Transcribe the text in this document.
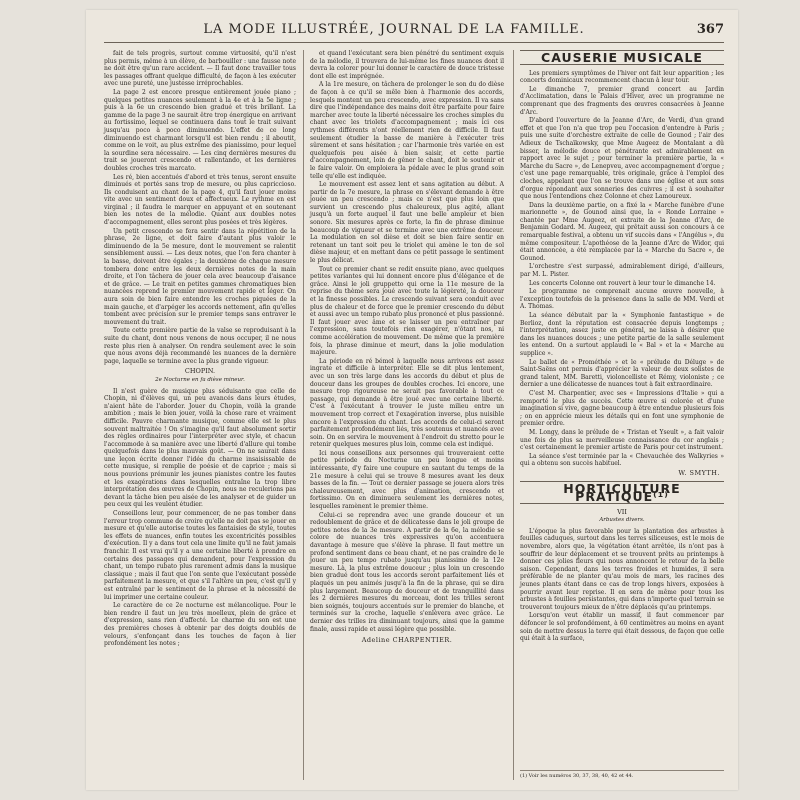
LA MODE ILLUSTRÉE, JOURNAL DE LA FAMILLE.	367

fait de tels progrès, surtout comme virtuosité, qu'il n'est plus permis, même à un élève, de barbouiller : une fausse note ne doit être qu'un rare accident. — Il faut donc travailler tous les passages offrant quelque difficulté, de façon à les exécuter avec une pureté, une justesse irréprochables.

La page 2 est encore presque entièrement jouée piano ; quelques petites nuances seulement à la 4e et à la 5e ligne ; puis à la 6e un crescendo bien gradué et très brillant. La gamme de la page 3 ne saurait être trop énergique en arrivant au fortissimo, lequel se continuera dans tout le trait suivant jusqu'au poco à poco diminuendo. L'effet de ce long diminuendo est charmant lorsqu'il est bien rendu ; il aboutit, comme on le voit, au plus extrême des pianissimo, pour lequel la sourdine sera nécessaire. — Les cinq dernières mesures du trait se joueront crescendo et rallentando, et les dernières doubles croches très marcato.

Les ré, bien accentués d'abord et très tenus, seront ensuite diminués et portés sans trop de mesure, ou plus capriccioso. Ils conduisent au chant de la page 4, qu'il faut jouer moins vite avec un sentiment doux et affectueux. Le rythme en est virginal ; il faudra le marquer en appuyant et en soutenant bien les notes de la mélodie. Quant aux doubles notes d'accompagnement, elles seront plus posées et très légères.

Un petit crescendo se fera sentir dans la répétition de la phrase, 2e ligne, et doit faire d'autant plus valoir le diminuendo de la 5e mesure, dont le mouvement se ralentit sensiblement aussi. — Les deux notes, que l'on fera chanter à la basse, doivent être égales ; la deuxième de chaque mesure tombera donc entre les deux dernières notes de la main droite, et l'on tâchera de jouer cela avec beaucoup d'aisance et de grâce. — Le trait en petites gammes chromatiques bien nuancées reprend le premier mouvement rapide et léger. On aura soin de bien faire entendre les croches piquées de la main gauche, et d'arpéger les accords nettement, afin qu'elles tombent avec précision sur le premier temps sans entraver le mouvement du trait.

Toute cette première partie de la valse se reproduisant à la suite du chant, dont nous venons de nous occuper, il ne nous reste plus rien à analyser. On rendra seulement avec le soin que nous avons déjà recommandé les nuances de la dernière page, laquelle se termine avec la plus grande vigueur.

CHOPIN.
2e Nocturne en fa dièse mineur.

Il n'est guère de musique plus séduisante que celle de Chopin, ni d'élèves qui, un peu avancés dans leurs études, n'aient hâte de l'aborder. Jouer du Chopin, voilà la grande ambition ; mais le bien jouer, voilà la chose rare et vraiment difficile. Pauvre charmante musique, comme elle est le plus souvent maltraitée ! On s'imagine qu'il faut absolument sortir des règles ordinaires pour l'interpréter avec style, et chacun l'accommode à sa manière avec une liberté d'allure qui tombe quelquefois dans le plus mauvais goût. — On ne saurait dans une leçon écrite donner l'idée du charme insaisissable de cette musique, si remplie de poésie et de caprice ; mais si nous pouvions prémunir les jeunes pianistes contre les fautes et les exagérations dans lesquelles entraîne la trop libre interprétation des œuvres de Chopin, nous ne reculerions pas devant la tâche bien peu aisée de les analyser et de guider un peu ceux qui les veulent étudier.

Conseillons leur, pour commencer, de ne pas tomber dans l'erreur trop commune de croire qu'elle ne doit pas se jouer en mesure et qu'elle autorise toutes les fantaisies de style, toutes les effets de nuances, enfin toutes les excentricités possibles d'exécution. Il y a dans tout cela une limite qu'il ne faut jamais franchir. Il est vrai qu'il y a une certaine liberté à prendre en certains des passages qui demandent, pour l'expression du chant, un tempo rubato plus rarement admis dans la musique classique ; mais il faut que l'on sente que l'exécutant possède parfaitement la mesure, et que s'il l'altère un peu, c'est qu'il y est entraîné par le sentiment de la phrase et la nécessité de lui imprimer une certaine couleur.

Le caractère de ce 2e nocturne est mélancolique. Pour le bien rendre il faut un jeu très moelleux, plein de grâce et d'expression, sans rien d'affecté. Le charme du son est une des premières choses à obtenir par des doigts doublés de velours, s'enfonçant dans les touches de façon à lier profondément les notes ;

et quand l'exécutant sera bien pénétré du sentiment exquis de la mélodie, il trouvera de lui-même les fines nuances dont il devra la colorer pour lui donner le caractère de douce tristesse dont elle est imprégnée.

A la 1re mesure, on tâchera de prolonger le son du do dièse de façon à ce qu'il se mêle bien à l'harmonie des accords, lesquels montent un peu crescendo, avec expression. Il va sans dire que l'indépendance des mains doit être parfaite pour faire marcher avec toute la liberté nécessaire les croches simples du chant avec les triolets d'accompagnement ; mais ici ces rythmes différents n'ont réellement rien de difficile. Il faut seulement étudier la basse de manière à l'exécuter très sûrement et sans hésitation ; car l'harmonie très variée en est quelquefois peu aisée à bien saisir, et cette partie d'accompagnement, loin de gêner le chant, doit le soutenir et le faire valoir. On emploiera la pédale avec le plus grand soin telle qu'elle est indiquée.

Le mouvement est assez lent et sans agitation au début. A partir de la 7e mesure, la phrase en s'élevant demande à être jouée un peu crescendo ; mais ce n'est que plus loin que survient un crescendo plus chaleureux, plus agité, allant jusqu'à un forte auquel il faut une belle ampleur et bien sonore. Six mesures après ce forte, la fin de phrase diminue beaucoup de vigueur et se termine avec une extrême douceur. La modulation en sol dièse et doit se bien faire sentir en retenant un tant soit peu le triolet qui amène le ton de sol dièse majeur, et en mettant dans ce petit passage le sentiment le plus délicat.

Tout ce premier chant se redit ensuite piano, avec quelques petites variantes qui lui donnent encore plus d'élégance et de grâce. Ainsi le joli gruppetto qui orne la 11e mesure de la reprise du thème sera joué avec toute la légèreté, la douceur et la finesse possibles. Le crescendo suivant sera conduit avec plus de chaleur et de force que le premier crescendo du début et aussi avec un tempo rubato plus prononcé et plus passionné. Il faut jouer avec âme et se laisser un peu entraîner par l'expression, sans toutefois rien exagérer, n'ôtant nos, ni comme accélération de mouvement. De même que la première fois, la phrase diminue et meurt, dans la jolie modulation majeure.

La période en ré bémol à laquelle nous arrivons est assez ingrate et difficile à interpréter. Elle se dit plus lentement, avec un son très large dans les accords du début et plus de douceur dans les groupes de doubles croches. Ici encore, une mesure trop rigoureuse ne serait pas favorable à tout ce passage, qui demande à être joué avec une certaine liberté. C'est à l'exécutant à trouver le juste milieu entre un mouvement trop correct et l'exagération inverse, plus nuisible encore à l'expression du chant. Les accords de celui-ci seront parfaitement profondément liés, très soutenus et nuancés avec soin. On en servira le mouvement à l'endroit du stretto pour le retenir quelques mesures plus loin, comme cela est indiqué.

Ici nous conseillons aux personnes qui trouveraient cette petite période du Nocturne un peu longue et moins intéressante, d'y faire une coupure en sautant du temps de la 21e mesure à celui qui se trouve 8 mesures avant les deux basses de la fin. — Tout ce dernier passage se jouera alors très chaleureusement, avec plus d'animation, crescendo et fortissimo. On en diminuera seulement les dernières notes, lesquelles ramènent le premier thème.

Celui-ci se reprendra avec une grande douceur et un redoublement de grâce et de délicatesse dans le joli groupe de petites notes de la 3e mesure. A partir de la 6e, la mélodie se colore de nuances très expressives qu'on accentuera davantage à mesure que s'élève la phrase. Il faut mettre un profond sentiment dans ce beau chant, et ne pas craindre de le jouer un peu tempo rubato jusqu'au pianissimo de la 12e mesure. Là, la plus extrême douceur ; plus loin un crescendo bien gradué dont tous les accords seront parfaitement liés et plaqués un peu animés jusqu'à la fin de la phrase, qui se dira plus largement. Beaucoup de douceur et de tranquillité dans les 2 dernières mesures du morceau, dont les trilles seront bien soignés, toujours accentués sur le premier do blanche, et terminés sur la croche, laquelle s'enlèvera avec grâce. Le dernier des trilles ira diminuant toujours, ainsi que la gamme finale, aussi rapide et aussi légère que possible.

Adeline CHARPENTIER.
CAUSERIE MUSICALE

Les premiers symptômes de l'hiver ont fait leur apparition ; les concerts dominicaux recommencent chacun à leur tour.

Le dimanche 7, premier grand concert au Jardin d'Acclimatation, dans le Palais d'Hiver, avec un programme ne comprenant que des fragments des œuvres consacrées à Jeanne d'Arc.

D'abord l'ouverture de la Jeanne d'Arc, de Verdi, d'un grand effet et que l'on n'a que trop peu l'occasion d'entendre à Paris ; puis une suite d'orchestre extraite de celle de Gounod ; l'air des Adieux de Tschaïkowsky, que Mme Augeez de Montalant a dû bisser, la mélodie douce et pénétrante est admirablement en rapport avec le sujet ; pour terminer la première partie, la « Marche du Sacre », de Lenepveu, avec accompagnement d'orgue ; c'est une page remarquable, très originale, grâce à l'emploi des cloches, appelant que l'on se trouve dans une église et aux sons d'orgue répondant aux sonneries des cuivres ; il est à souhaiter que nous l'entendions chez Colonne et chez Lamoureux.

Dans la deuxième partie, on a fixé la « Marche funèbre d'une marionnette », de Gounod ainsi que, la « Ronde Lorraine » chantée par Mme Augeez, et extraite de la Jeanne d'Arc, de Benjamin Godard. M. Augeez, qui prêtait aussi son concours à ce remarquable festival, a obtenu un vif succès dans « l'Angélus », du même compositeur. L'apothéose de la Jeanne d'Arc de Widor, qui était annoncée, a été remplacée par la « Marche du Sacre », de Gounod.

L'orchestre s'est surpassé, admirablement dirigé, d'ailleurs, par M. L. Pister.

Les concerts Colonne ont rouvert à leur tour le dimanche 14.

Le programme ne comprenait aucune œuvre nouvelle, à l'exception toutefois de la présence dans la salle de MM. Verdi et A. Thomas.

La séance débutait par la « Symphonie fantastique » de Berlioz, dont la réputation est consacrée depuis longtemps ; l'interprétation, assez juste en général, ne laissa à désirer que dans les nuances douces ; une petite partie de la salle seulement les entend. On a surtout applaudi le « Bal » et la « Marche au supplice ».

Le ballet de « Prométhée » et le « prélude du Déluge » de Saint-Saëns ont permis d'apprécier la valeur de deux solistes de grand talent, MM. Baretti, violoncelliste et Rémy, violoniste ; ce dernier a une délicatesse de nuances tout à fait extraordinaire.

C'est M. Charpentier, avec ses « Impressions d'Italie » qui a remporté le plus de succès. Cette œuvre si colorée et d'une imagination si vive, gagne beaucoup à être entendue plusieurs fois ; on en apprécie mieux les détails qui en font une symphonie de premier ordre.

M. Longy, dans le prélude de « Tristan et Yseult », a fait valoir une fois de plus sa merveilleuse connaissance du cor anglais ; c'est certainement le premier artiste de Paris pour cet instrument.

La séance s'est terminée par la « Chevauchée des Walkyries » qui a obtenu son succès habituel.

W. SMYTH.
HORTICULTURE PRATIQUE⁽¹⁾
VII
Arbustes divers.

L'époque la plus favorable pour la plantation des arbustes à feuilles caduques, surtout dans les terres siliceuses, est le mois de novembre, alors que, la végétation étant arrêtée, ils n'ont pas à souffrir de leur déplacement et se trouvent prêts au printemps à donner ces jolies fleurs qui nous annoncent le retour de la belle saison. Cependant, dans les terres froides et humides, il sera préférable de ne planter qu'au mois de mars, les racines des jeunes plants étant dans ce cas de trop longs hivers, exposées à pourrir avant leur reprise. Il en sera de même pour tous les arbustes à feuilles persistantes, qui dans n'importe quel terrain se trouveront toujours mieux de n'être déplacés qu'au printemps.

Lorsqu'on veut établir un massif, il faut commencer par défoncer le sol profondément, à 60 centimètres au moins en ayant soin de mettre dessus la terre qui était dessous, de façon que celle qui était à la surface,

(1) Voir les numéros 30, 37, 38, 40, 42 et 44.
